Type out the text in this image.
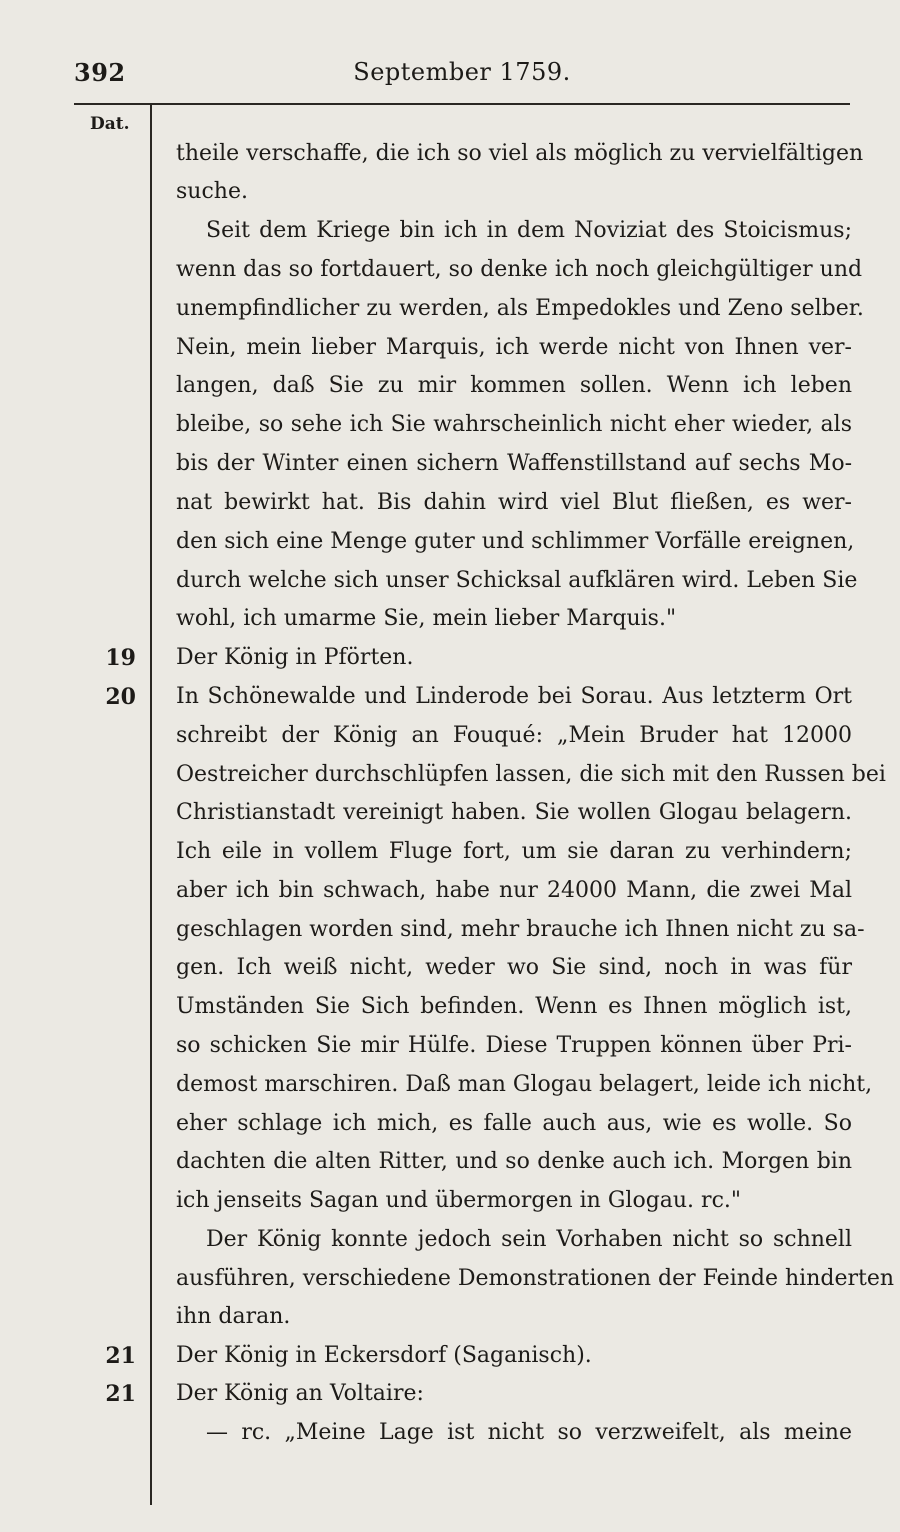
392	September 1759.
Dat.
19
20
21
21
theile verschaffe, die ich so viel als möglich zu vervielfältigen
suche.
Seit dem Kriege bin ich in dem Noviziat des Stoicismus;
wenn das so fortdauert, so denke ich noch gleichgültiger und
unempfindlicher zu werden, als Empedokles und Zeno selber.
Nein, mein lieber Marquis, ich werde nicht von Ihnen ver-
langen, daß Sie zu mir kommen sollen. Wenn ich leben
bleibe, so sehe ich Sie wahrscheinlich nicht eher wieder, als
bis der Winter einen sichern Waffenstillstand auf sechs Mo-
nat bewirkt hat. Bis dahin wird viel Blut fließen, es wer-
den sich eine Menge guter und schlimmer Vorfälle ereignen,
durch welche sich unser Schicksal aufklären wird. Leben Sie
wohl, ich umarme Sie, mein lieber Marquis."
Der König in Pförten.
In Schönewalde und Linderode bei Sorau. Aus letzterm Ort
schreibt der König an Fouqué: „Mein Bruder hat 12000
Oestreicher durchschlüpfen lassen, die sich mit den Russen bei
Christianstadt vereinigt haben. Sie wollen Glogau belagern.
Ich eile in vollem Fluge fort, um sie daran zu verhindern;
aber ich bin schwach, habe nur 24000 Mann, die zwei Mal
geschlagen worden sind, mehr brauche ich Ihnen nicht zu sa-
gen. Ich weiß nicht, weder wo Sie sind, noch in was für
Umständen Sie Sich befinden. Wenn es Ihnen möglich ist,
so schicken Sie mir Hülfe. Diese Truppen können über Pri-
demost marschiren. Daß man Glogau belagert, leide ich nicht,
eher schlage ich mich, es falle auch aus, wie es wolle. So
dachten die alten Ritter, und so denke auch ich. Morgen bin
ich jenseits Sagan und übermorgen in Glogau. rc."
Der König konnte jedoch sein Vorhaben nicht so schnell
ausführen, verschiedene Demonstrationen der Feinde hinderten
ihn daran.
Der König in Eckersdorf (Saganisch).
Der König an Voltaire:
— rc. „Meine Lage ist nicht so verzweifelt, als meine
